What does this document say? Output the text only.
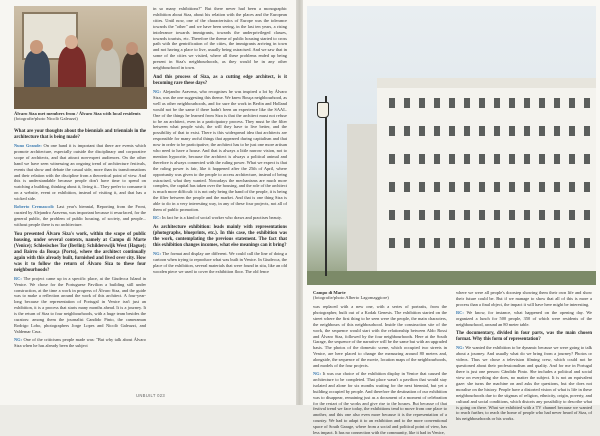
Álvaro Siza met members from / Álvaro Siza with local residents
(fotografie/photo Nicolò Galeazzi)

What are your thoughts about the biennials and triennials in the architecture that is being made?

Nuno Grande: On one hand it is important that there are events which promote architecture, especially outside the disciplinary and corporative scope of architects, and that attract non-expert audiences. On the other hand we have seen witnessing an ongoing trend of architecture festivals, events that show and debate the casual side, more than its transformations and their relation with the discipline from a theoretical point of view. And this is understandable because people don't have time to spend on watching a building, thinking about it, living it... They prefer to consume it on a website, event or exhibition, instead of visiting it, and that has a wicked side.

Roberto Cremascoli: Last year's biennial, Reporting from the Front, curated by Alejandro Aravena, was important because it resurfaced, for the general public, the problem of public housing, of society, and people... without people there is no architecture.

You presented Álvaro Siza's work, within the scope of public housing, under several contexts, namely at Campo di Marte (Venice); Schlesisches Tor (Berlin); Schilderswijk West (Hague); and Bairro da Bouça (Porto), where the architect continually again with this already built, furnished and lived over city. How was it to follow the return of Álvaro Siza to these four neighbourhoods?

RC: The project came up in a specific place, at the Giudecca Island in Venice. We chose for the Portuguese Pavilion a building still under construction, at the time a work in progress of Álvaro Siza, and the guide was to make a reflection around the work of this architect. A four-year-long because the representation of Portugal in Venice isn't just an exhibition, it is a process that starts many months ahead. It is a journey. It is the return of Siza to four neighbourhoods, with a huge team besides the curators: among them the journalist Candido Pinto, the cameraman Rodrigo Lobo, photographers Jorge Lopes and Nicolò Galeazzi, and Valdemar Cruz.

NG: One of the criticisms people made was: "But why talk about Álvaro Siza when he has already been the subject

in so many exhibitions?" But there never had been a monographic exhibition about Siza, about his relation with the places and the European cities. Until now, one of the characteristics of Europe was the tolerance towards the "other" and we have been seeing, in the last ten years, a rising intolerance towards immigrants, towards the underprivileged classes, towards tourists, etc. Therefore the theme of public housing started to cross path with the gentrification of the cities, the immigrants arriving in town and not having a place to live, usually being ostracised. And we saw that in some of the cities we visited, where all these problems ended up being present in Siza's neighbourhoods, as they would be in any other neighbourhood in town.

And this process of Siza, as a cutting edge architect, is it becoming rare these days?

NG: Alejandro Aravena, who recognises he was inspired a lot by Álvaro Siza, was the one suggesting this theme. We knew Bouça neighbourhood, as well as other neighbourhoods, and for sure the work in Berlin and Holland would not be the same if there hadn't been an experience like the SAAL. One of the things he learned from Siza is that the architect must not refuse to be an architect, even in a participatory process. They must be the filter between what people wish, the will they have to live better, and the possibility of that to exist. There is this widespread idea that architects are responsible for many awful things that appeared during capitalism and that now in order to be participative, the architect has to be just one more artisan who need to have a house. And that is always a little narrow vision, not to mention hypocrite, because the architect is always a political animal and therefore is always connected with the ruling power. What we expect is that the ruling power is fair, like it happened after the 25th of April, where opportunity was given to the people to access architecture, instead of being ostracised, what they wanted. Nowadays the mechanisms are much more complex, the capital has taken over the housing, and the role of the architect is much more difficult: it is not only being the hand of the people, it is being the filter between the people and the market. And that is one thing Siza is able to do in a very interesting way, in any of these four projects, not all of them of public promotion.

RC: In fact he is a kind of social worker who draws and practises beauty.

As architecture exhibition: leads mainly with representations (photographs, blueprints, etc.). In this case, the exhibition was the work, contemplating the previous statement. The fact that this exhibition changes incomes, what else meanings can it bring?

NG: The format and display are different. We could call the line of doing a cartoon when trying to reproduce what was built in Venice. In Giudecca, the place of the exhibition, several materials that were found in situ, like an old wooden piece we used to cover the exhibition floor. The old fence

UNBUILT 023
Campo di Marte
(fotografie/photo Alberto Lagomaggiore)

was replaced with a new one, with a series of portraits, from the photographer, built out of a Kodak Genesis. The exhibition started on the street where the first thing to be seen were the people, the main characters, the neighbours of this neighbourhood. Inside the construction site of the work, the sequence would start with the relationship between Aldo Rossi and Álvaro Siza, followed by the four neighbourhoods. Here at the South Garage, the sequence of the narrative will be the same but with an upgraded basis. The photos of the domestic scene, which occupied two streets in Venice, are here placed to change the measuring around 80 meters and, alongside, the sequence of the movie, location maps of the neighbourhoods, and models of the four projects.

NG: It was our choice of the exhibition display in Venice that caused the architecture to be completed. That place wasn't a pavilion that would stay isolated and alone for six months waiting for the next biennial, but yet a building occupied by people. And therefore the destination of our exhibition was to disappear, remaining just as a document of a moment of celebration for the restart of the works and give rise to the houses. But because of that festival trend we face today, the exhibitions tend to move from one place to another, and this one also even more because it is the representation of a country. We had to adapt it to an exhibition and to the more conventional space of South Garage, where from a social and political point of view, has less impact. It has no connection with the community, like it had in Venice,

where we were all people's doorstep showing them their own life and show their future could be. But if we manage to show that all of this is more a process than a final object, the impact it will have here might be interesting.

RC: We know, for instance, what happened on the opening day. We organized a lunch for 500 people, 350 of which were residents of the neighbourhood, around an 80 meter table.

The documentary, divided in four parts, was the main chosen format. Why this form of representation?

NG: We wanted the exhibition to be dynamic because we were going to talk about a journey. And usually what do we bring from a journey? Photos or videos. Thus we chose a television filming crew, which could not be questioned about their professionalism and quality. And for me in Portugal there is just one person: Cândido Pinto. She includes a political and social view on everything she does, no matter the subject. It is not an equivalent gaze: she turns the machine on and asks the questions, but she does not moralise on the history. People have a distorted vision of what is life in these neighbourhoods due to the stigmas of religion, ethnicity, origin, poverty, and cultural and social conditions, which distorts any possibility to describe what is going on there. What we exhibited with a TV channel because we wanted to reach further, to reach the home of people who had never heard of Siza, of his neighbourhoods or his works.
